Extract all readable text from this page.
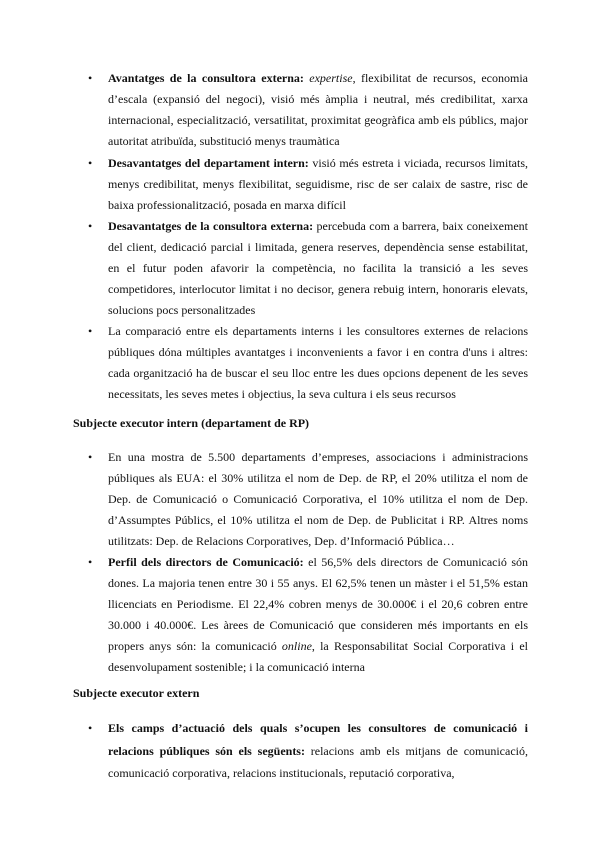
• Avantatges de la consultora externa: expertise, flexibilitat de recursos, economia d’escala (expansió del negoci), visió més àmplia i neutral, més credibilitat, xarxa internacional, especialització, versatilitat, proximitat geogràfica amb els públics, major autoritat atribuïda, substitució menys traumàtica

• Desavantatges del departament intern: visió més estreta i viciada, recursos limitats, menys credibilitat, menys flexibilitat, seguidisme, risc de ser calaix de sastre, risc de baixa professionalització, posada en marxa difícil

• Desavantatges de la consultora externa: percebuda com a barrera, baix coneixement del client, dedicació parcial i limitada, genera reserves, dependència sense estabilitat, en el futur poden afavorir la competència, no facilita la transició a les seves competidores, interlocutor limitat i no decisor, genera rebuig intern, honoraris elevats, solucions pocs personalitzades

• La comparació entre els departaments interns i les consultores externes de relacions públiques dóna múltiples avantatges i inconvenients a favor i en contra d'uns i altres: cada organització ha de buscar el seu lloc entre les dues opcions depenent de les seves necessitats, les seves metes i objectius, la seva cultura i els seus recursos

Subjecte executor intern (departament de RP)

• En una mostra de 5.500 departaments d’empreses, associacions i administracions públiques als EUA: el 30% utilitza el nom de Dep. de RP, el 20% utilitza el nom de Dep. de Comunicació o Comunicació Corporativa, el 10% utilitza el nom de Dep. d’Assumptes Públics, el 10% utilitza el nom de Dep. de Publicitat i RP. Altres noms utilitzats: Dep. de Relacions Corporatives, Dep. d’Informació Pública…

• Perfil dels directors de Comunicació: el 56,5% dels directors de Comunicació són dones. La majoria tenen entre 30 i 55 anys. El 62,5% tenen un màster i el 51,5% estan llicenciats en Periodisme. El 22,4% cobren menys de 30.000€ i el 20,6 cobren entre 30.000 i 40.000€. Les àrees de Comunicació que consideren més importants en els propers anys són: la comunicació online, la Responsabilitat Social Corporativa i el desenvolupament sostenible; i la comunicació interna

Subjecte executor extern

• Els camps d’actuació dels quals s’ocupen les consultores de comunicació i relacions públiques són els següents: relacions amb els mitjans de comunicació, comunicació corporativa, relacions institucionals, reputació corporativa,
